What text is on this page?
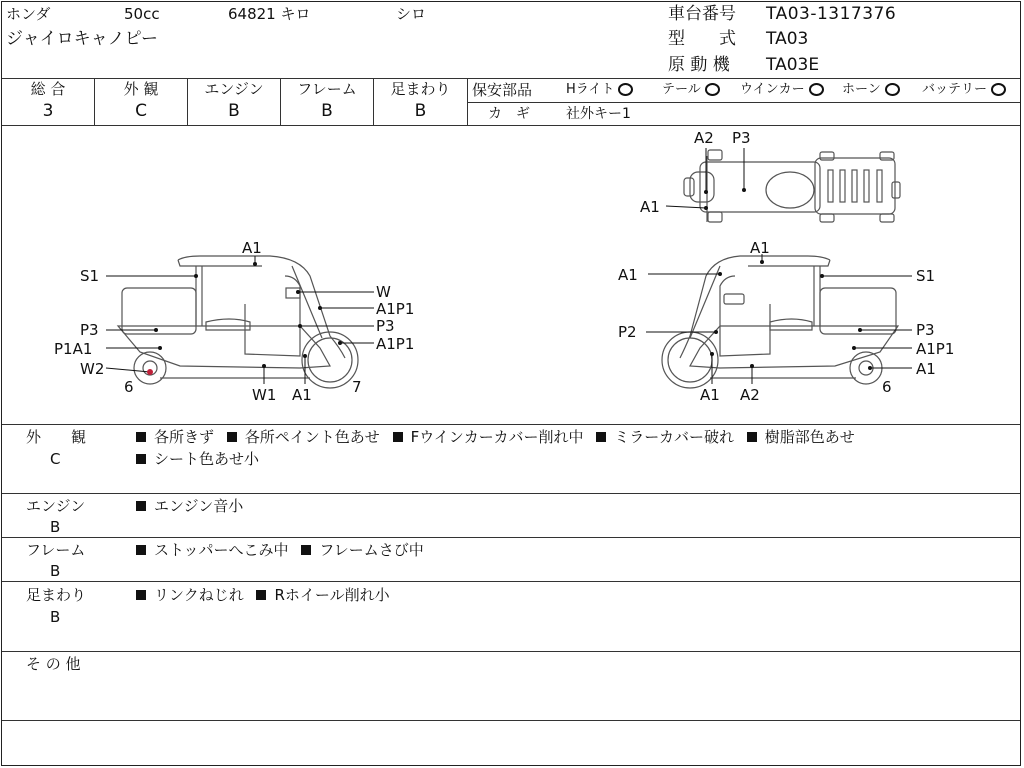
ホンダ	50cc	64821 キロ	シロ
ジャイロキャノピー
車台番号 TA03-1317376
型　　式 TA03
原 動 機 TA03E
総 合	外 観	エンジン	フレーム	足まわり
3	C	B	B	B
保安部品	Hライト	テール	ウインカー	ホーン	バッテリー
カ　ギ	社外キー1
A2 P3
A1
A1
S1
W
A1P1
P3
P3
P1A1	A1P1
W2
6	W1 A1	7
A1
A1	S1
P2	P3
A1P1
A1
A1 A2	6
外　　観
C
各所きず 各所ペイント色あせ Fウインカーカバー削れ中 ミラーカバー破れ 樹脂部色あせ
シート色あせ小
エンジン
B
エンジン音小
フレーム
B
ストッパーへこみ中 フレームさび中
足まわり
B
リンクねじれ Rホイール削れ小
そ の 他
